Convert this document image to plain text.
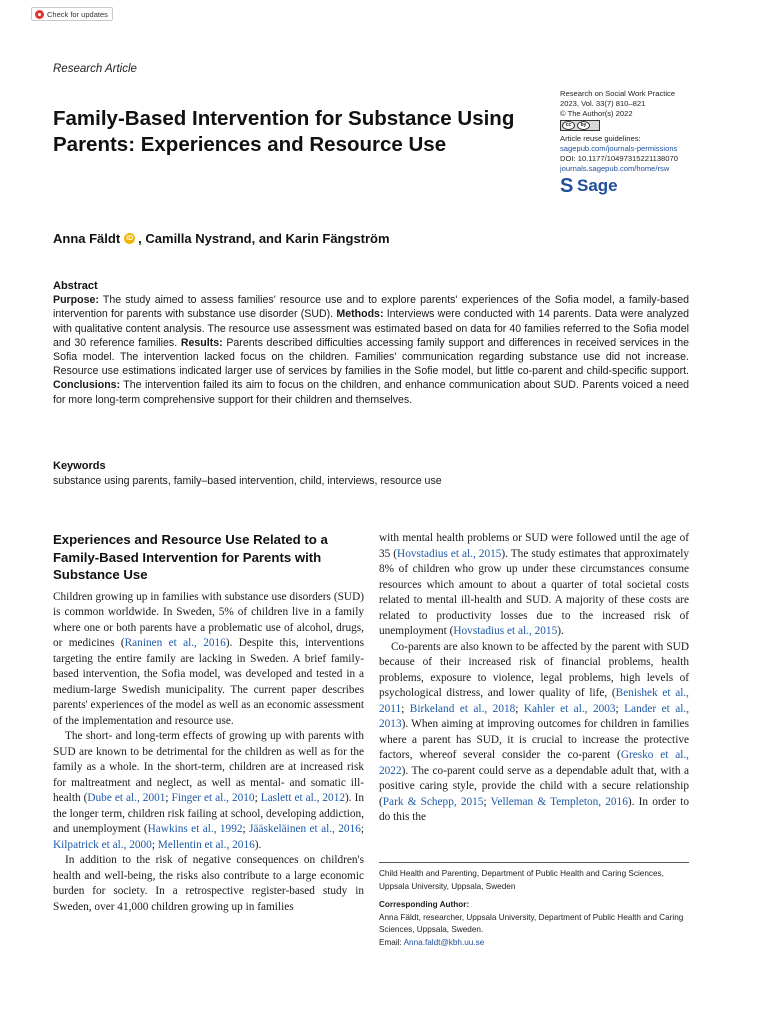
Check for updates
Research Article
Family-Based Intervention for Substance Using Parents: Experiences and Resource Use
Research on Social Work Practice
2023, Vol. 33(7) 810–821
© The Author(s) 2022
cc	by
Article reuse guidelines:
sagepub.com/journals-permissions
DOI: 10.1177/10497315221138070
journals.sagepub.com/home/rsw
S Sage
Anna Fäldt iD , Camilla Nystrand, and Karin Fängström
Abstract
Purpose: The study aimed to assess families' resource use and to explore parents' experiences of the Sofia model, a family-based intervention for parents with substance use disorder (SUD). Methods: Interviews were conducted with 14 parents. Data were analyzed with qualitative content analysis. The resource use assessment was estimated based on data for 40 families referred to the Sofia model and 30 reference families. Results: Parents described difficulties accessing family support and differences in received services in the Sofia model. The intervention lacked focus on the children. Families' communication regarding substance use did not increase. Resource use estimations indicated larger use of services by families in the Sofie model, but little co-parent and child-specific support. Conclusions: The intervention failed its aim to focus on the children, and enhance communication about SUD. Parents voiced a need for more long-term comprehensive support for their children and themselves.
Keywords
substance using parents, family–based intervention, child, interviews, resource use
Experiences and Resource Use Related to a Family-Based Intervention for Parents with Substance Use

Children growing up in families with substance use disorders (SUD) is common worldwide. In Sweden, 5% of children live in a family where one or both parents have a problematic use of alcohol, drugs, or medicines (Raninen et al., 2016). Despite this, interventions targeting the entire family are lacking in Sweden. A brief family-based intervention, the Sofia model, was developed and tested in a medium-large Swedish municipality. The current paper describes parents' experiences of the model as well as an economic assessment of the implementation and resource use.

The short- and long-term effects of growing up with parents with SUD are known to be detrimental for the children as well as for the family as a whole. In the short-term, children are at increased risk for maltreatment and neglect, as well as mental- and somatic ill-health (Dube et al., 2001; Finger et al., 2010; Laslett et al., 2012). In the longer term, children risk failing at school, developing addiction, and unemployment (Hawkins et al., 1992; Jääskeläinen et al., 2016; Kilpatrick et al., 2000; Mellentin et al., 2016).

In addition to the risk of negative consequences on children's health and well-being, the risks also contribute to a large economic burden for society. In a retrospective register-based study in Sweden, over 41,000 children growing up in families

with mental health problems or SUD were followed until the age of 35 (Hovstadius et al., 2015). The study estimates that approximately 8% of children who grow up under these circumstances consume resources which amount to about a quarter of total societal costs related to mental ill-health and SUD. A majority of these costs are related to productivity losses due to the increased risk of unemployment (Hovstadius et al., 2015).

Co-parents are also known to be affected by the parent with SUD because of their increased risk of financial problems, health problems, exposure to violence, legal problems, high levels of psychological distress, and lower quality of life, (Benishek et al., 2011; Birkeland et al., 2018; Kahler et al., 2003; Lander et al., 2013). When aiming at improving outcomes for children in families where a parent has SUD, it is crucial to increase the protective factors, whereof several consider the co-parent (Gresko et al., 2022). The co-parent could serve as a dependable adult that, with a positive caring style, provide the child with a secure relationship (Park & Schepp, 2015; Velleman & Templeton, 2016). In order to do this the

Child Health and Parenting, Department of Public Health and Caring Sciences, Uppsala University, Uppsala, Sweden
Corresponding Author:
Anna Fäldt, researcher, Uppsala University, Department of Public Health and Caring Sciences, Uppsala, Sweden.
Email: Anna.faldt@kbh.uu.se
